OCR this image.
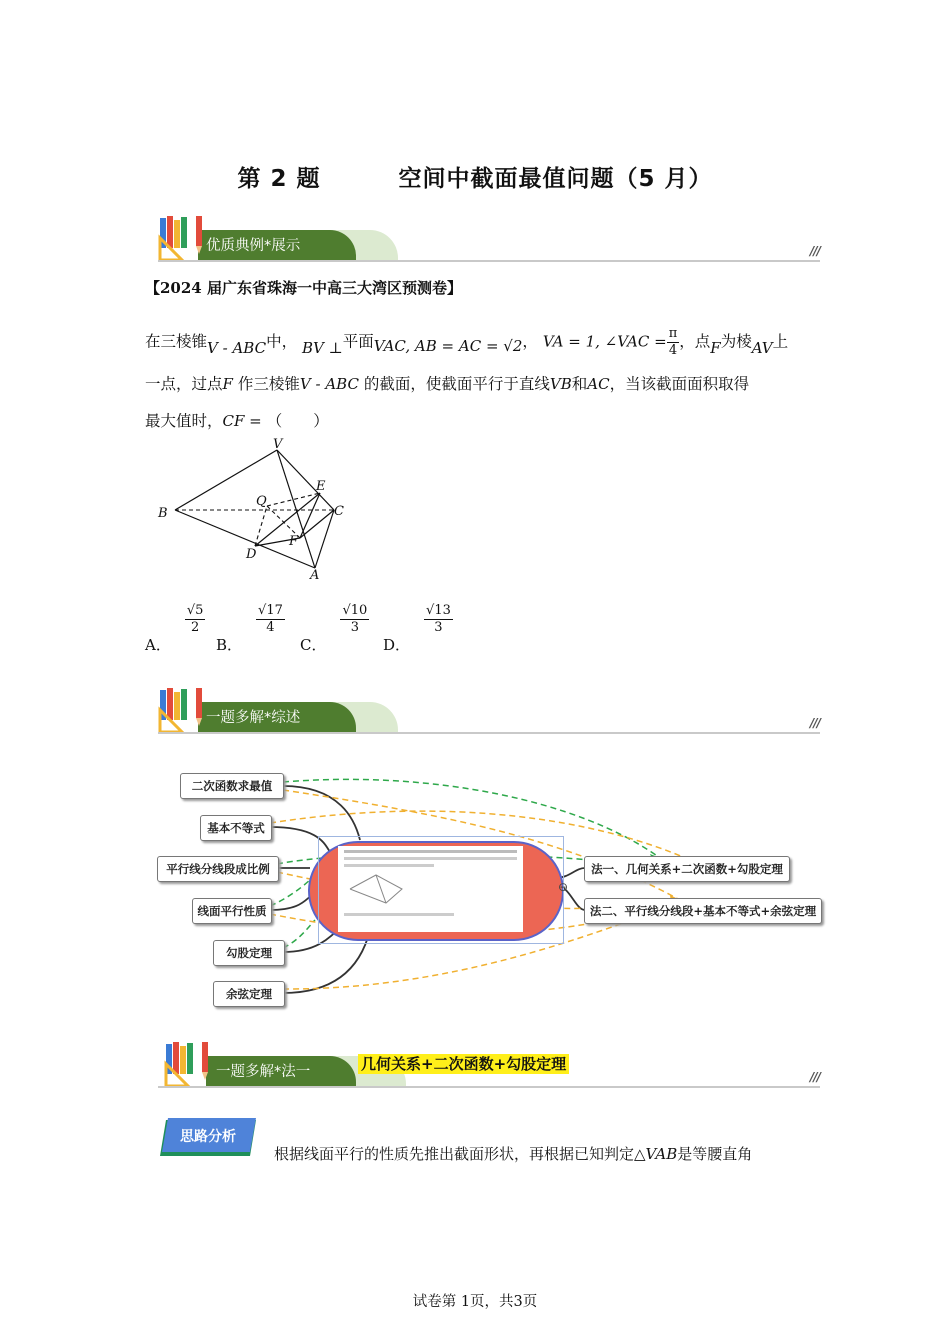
第 2 题	空间中截面最值问题（5 月）
优质典例*展示	///
【2024 届广东省珠海一中高三大湾区预测卷】
在三棱锥V - ABC中， BV ⊥平面VAC, AB = AC = √2， VA = 1, ∠VAC = $\frac{\pi}{4}$ ，点F为棱AV上
一点，过点F 作三棱锥V - ABC 的截面，使截面平行于直线VB和AC，当该截面面积取得
最大值时，CF = （　　）
V
E
Q
C
B
F
D
A
A．
$\frac{√5}{2}$
B．
$\frac{√17}{4}$
C．
$\frac{√10}{3}$
D．
$\frac{√13}{3}$
一题多解*综述	///
⊖
二次函数求最值
基本不等式
平行线分线段成比例
线面平行性质
勾股定理
余弦定理
法一、几何关系+二次函数+勾股定理
法二、平行线分线段+基本不等式+余弦定理
一题多解*法一	几何关系+二次函数+勾股定理
///
思路分析
根据线面平行的性质先推出截面形状，再根据已知判定△VAB是等腰直角
试卷第 1页，共3页
